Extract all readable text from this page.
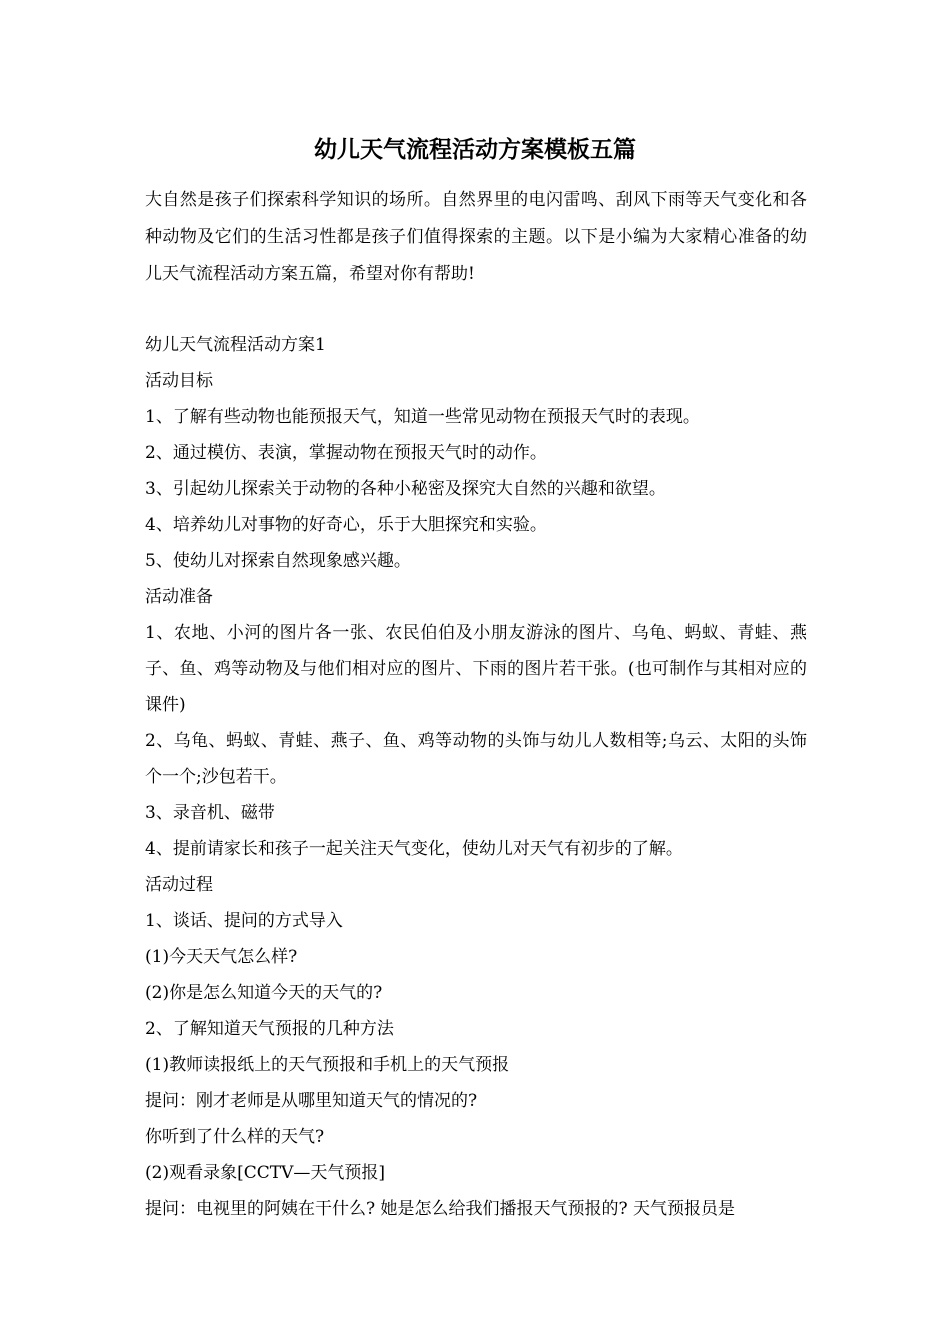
幼儿天气流程活动方案模板五篇

大自然是孩子们探索科学知识的场所。自然界里的电闪雷鸣、刮风下雨等天气变化和各种动物及它们的生活习性都是孩子们值得探索的主题。以下是小编为大家精心准备的幼儿天气流程活动方案五篇，希望对你有帮助!

幼儿天气流程活动方案1
活动目标
1、了解有些动物也能预报天气，知道一些常见动物在预报天气时的表现。
2、通过模仿、表演，掌握动物在预报天气时的动作。
3、引起幼儿探索关于动物的各种小秘密及探究大自然的兴趣和欲望。
4、培养幼儿对事物的好奇心，乐于大胆探究和实验。
5、使幼儿对探索自然现象感兴趣。
活动准备

1、农地、小河的图片各一张、农民伯伯及小朋友游泳的图片、乌龟、蚂蚁、青蛙、燕子、鱼、鸡等动物及与他们相对应的图片、下雨的图片若干张。(也可制作与其相对应的课件)

2、乌龟、蚂蚁、青蛙、燕子、鱼、鸡等动物的头饰与幼儿人数相等;乌云、太阳的头饰个一个;沙包若干。

3、录音机、磁带
4、提前请家长和孩子一起关注天气变化，使幼儿对天气有初步的了解。
活动过程
1、谈话、提问的方式导入
(1)今天天气怎么样?
(2)你是怎么知道今天的天气的?
2、了解知道天气预报的几种方法
(1)教师读报纸上的天气预报和手机上的天气预报
提问：刚才老师是从哪里知道天气的情况的?
你听到了什么样的天气?
(2)观看录象[CCTV—天气预报]
提问：电视里的阿姨在干什么? 她是怎么给我们播报天气预报的? 天气预报员是
